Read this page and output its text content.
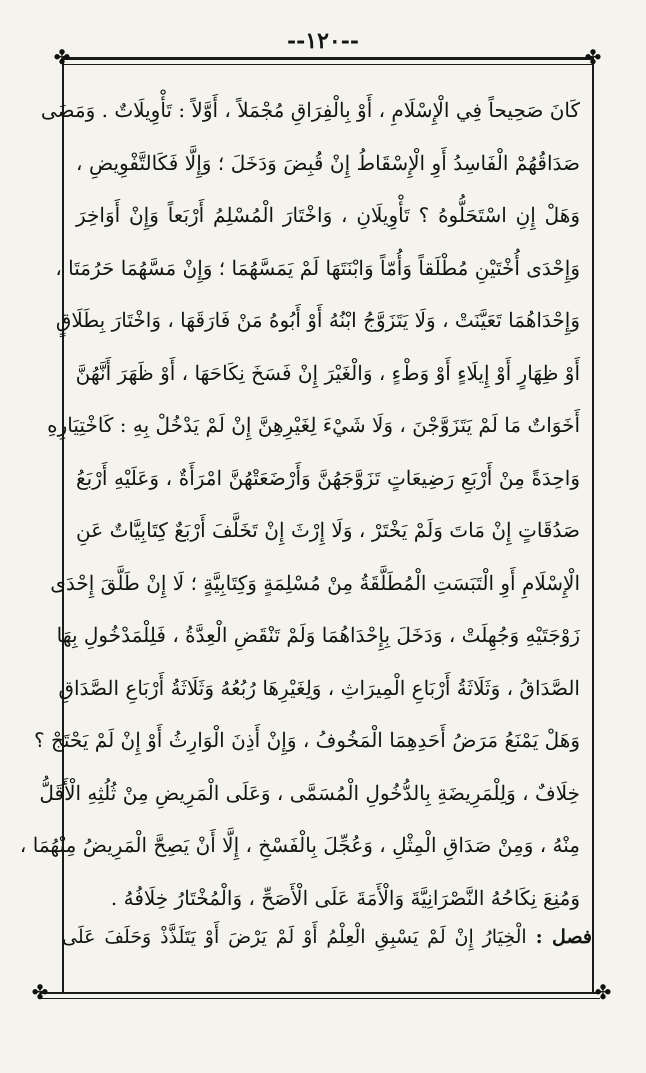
--١٢٠--
✤	✤
✤	✤
كَانَ صَحِيحاً فِي الْإِسْلَامِ ، أَوْ بِالْفِرَاقِ مُجْمَلاً ، أَوَّلاً : تَأْوِيلَاتٌ . وَمَضَى
صَدَاقُهُمْ الْفَاسِدُ أَوِ الْإِسْقَاطُ إِنْ قُبِضَ وَدَخَلَ ؛ وَإِلَّا فَكَالتَّفْوِيضِ ،
وَهَلْ إِنِ اسْتَحَلُّوهُ ؟ تَأْوِيلَانِ ، وَاخْتَارَ الْمُسْلِمُ أَرْبَعاً وَإِنْ أَوَاخِرَ
وَإِحْدَى أُخْتَيْنِ مُطْلَقاً وَأُمّاً وَابْنَتَهَا لَمْ يَمَسَّهُمَا ؛ وَإِنْ مَسَّهُمَا حَرُمَتَا ،
وَإِحْدَاهُمَا تَعَيَّنَتْ ، وَلَا يَتَزَوَّجُ ابْنُهُ أَوْ أَبُوهُ مَنْ فَارَقَهَا ، وَاخْتَارَ بِطَلَاقٍ
أَوْ ظِهَارٍ أَوْ إِيلَاءٍ أَوْ وَطْءٍ ، وَالْغَيْرَ إِنْ فَسَخَ نِكَاحَهَا ، أَوْ ظَهَرَ أَنَّهُنَّ
أَخَوَاتٌ مَا لَمْ يَتَزَوَّجْنَ ، وَلَا شَيْءَ لِغَيْرِهِنَّ إِنْ لَمْ يَدْخُلْ بِهِ : كَاخْتِيَارِهِ
وَاحِدَةً مِنْ أَرْبَعِ رَضِيعَاتٍ تَزَوَّجَهُنَّ وَأَرْضَعَتْهُنَّ امْرَأَةٌ ، وَعَلَيْهِ أَرْبَعُ
صَدُقَاتٍ إِنْ مَاتَ وَلَمْ يَخْتَرْ ، وَلَا إِرْثَ إِنْ تَخَلَّفَ أَرْبَعٌ كِتَابِيَّاتٌ عَنِ
الْإِسْلَامِ أَوِ الْتَبَسَتِ الْمُطَلَّقَةُ مِنْ مُسْلِمَةٍ وَكِتَابِيَّةٍ ؛ لَا إِنْ طَلَّقَ إِحْدَى
زَوْجَتَيْهِ وَجُهِلَتْ ، وَدَخَلَ بِإِحْدَاهُمَا وَلَمْ تَنْقَضِ الْعِدَّةُ ، فَلِلْمَدْخُولِ بِهَا
الصَّدَاقُ ، وَثَلَاثَةُ أَرْبَاعِ الْمِيرَاثِ ، وَلِغَيْرِهَا رُبُعُهُ وَثَلَاثَةُ أَرْبَاعِ الصَّدَاقِ
وَهَلْ يَمْنَعُ مَرَضُ أَحَدِهِمَا الْمَخُوفُ ، وَإِنْ أَذِنَ الْوَارِثُ أَوْ إِنْ لَمْ يَحْتَجْ ؟
خِلَافٌ ، وَلِلْمَرِيضَةِ بِالدُّخُولِ الْمُسَمَّى ، وَعَلَى الْمَرِيضِ مِنْ ثُلُثِهِ الْأَقَلُّ
مِنْهُ ، وَمِنْ صَدَاقِ الْمِثْلِ ، وَعُجِّلَ بِالْفَسْخِ ، إِلَّا أَنْ يَصِحَّ الْمَرِيضُ مِنْهُمَا ،
وَمُنِعَ نِكَاحُهُ النَّصْرَانِيَّةَ وَالْأَمَةَ عَلَى الْأَصَحِّ ، وَالْمُخْتَارُ خِلَافُهُ .
فصل : الْخِيَارُ إِنْ لَمْ يَسْبِقِ الْعِلْمُ أَوْ لَمْ يَرْضَ أَوْ يَتَلَذَّذْ وَحَلَفَ عَلَى
